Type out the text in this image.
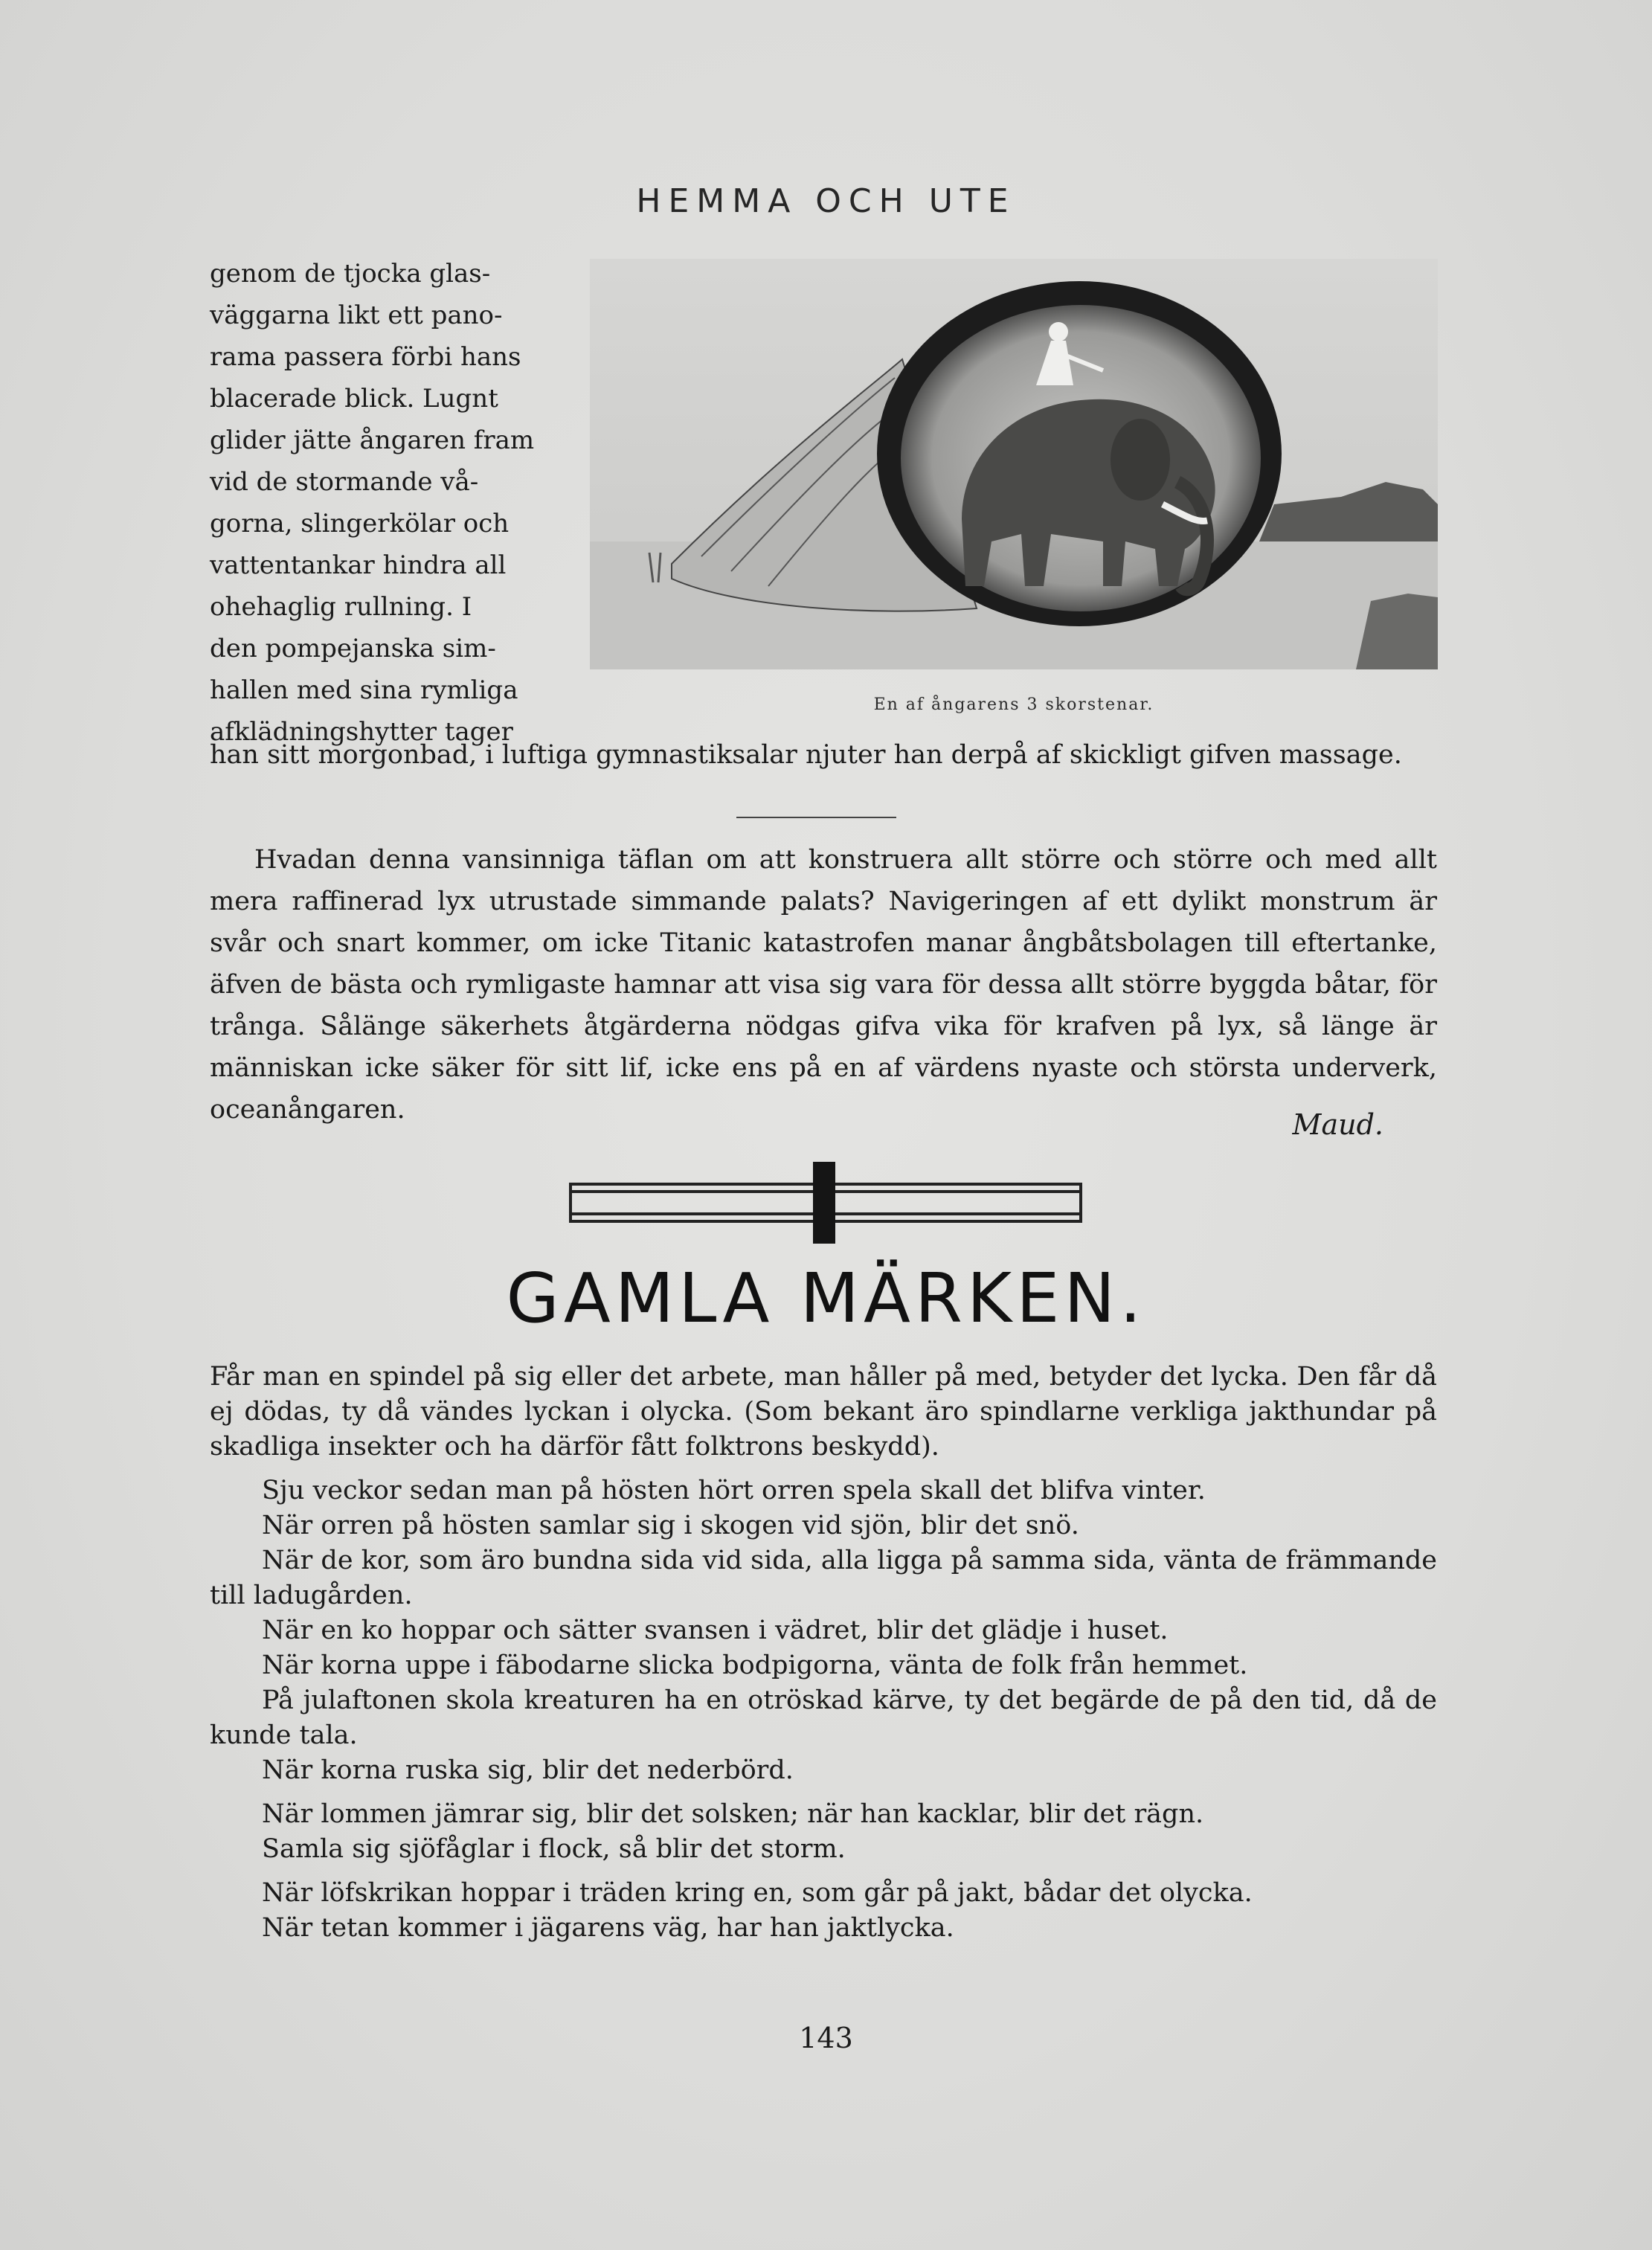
HEMMA OCH UTE

genom de tjocka glas-

väggarna likt ett pano-

rama passera förbi hans

blacerade blick. Lugnt

glider jätte ångaren fram

vid de stormande vå-

gorna, slingerkölar och

vattentankar hindra all

ohehaglig rullning. I

den pompejanska sim-

hallen med sina rymliga

afklädningshytter tager

En af ångarens 3 skorstenar.

han sitt morgonbad, i luftiga gymnastiksalar njuter han derpå af skickligt gifven massage.

Hvadan denna vansinniga täflan om att konstruera allt större och större och med allt mera raffinerad lyx utrustade simmande palats? Navigeringen af ett dylikt monstrum är svår och snart kommer, om icke Titanic katastrofen manar ångbåtsbolagen till eftertanke, äfven de bästa och rymligaste hamnar att visa sig vara för dessa allt större byggda båtar, för trånga. Sålänge säkerhets åtgärderna nödgas gifva vika för krafven på lyx, så länge är människan icke säker för sitt lif, icke ens på en af värdens nyaste och största underverk, oceanångaren.	Maud.
GAMLA MÄRKEN.

Får man en spindel på sig eller det arbete, man håller på med, betyder det lycka. Den får då ej dödas, ty då vändes lyckan i olycka. (Som bekant äro spindlarne verkliga jakthundar på skadliga insekter och ha därför fått folktrons beskydd).

Sju veckor sedan man på hösten hört orren spela skall det blifva vinter.

När orren på hösten samlar sig i skogen vid sjön, blir det snö.

När de kor, som äro bundna sida vid sida, alla ligga på samma sida, vänta de främmande till ladugården.

När en ko hoppar och sätter svansen i vädret, blir det glädje i huset.

När korna uppe i fäbodarne slicka bodpigorna, vänta de folk från hemmet.

På julaftonen skola kreaturen ha en otröskad kärve, ty det begärde de på den tid, då de kunde tala.

När korna ruska sig, blir det nederbörd.

När lommen jämrar sig, blir det solsken; när han kacklar, blir det rägn.

Samla sig sjöfåglar i flock, så blir det storm.

När löfskrikan hoppar i träden kring en, som går på jakt, bådar det olycka.

När tetan kommer i jägarens väg, har han jaktlycka.

143
